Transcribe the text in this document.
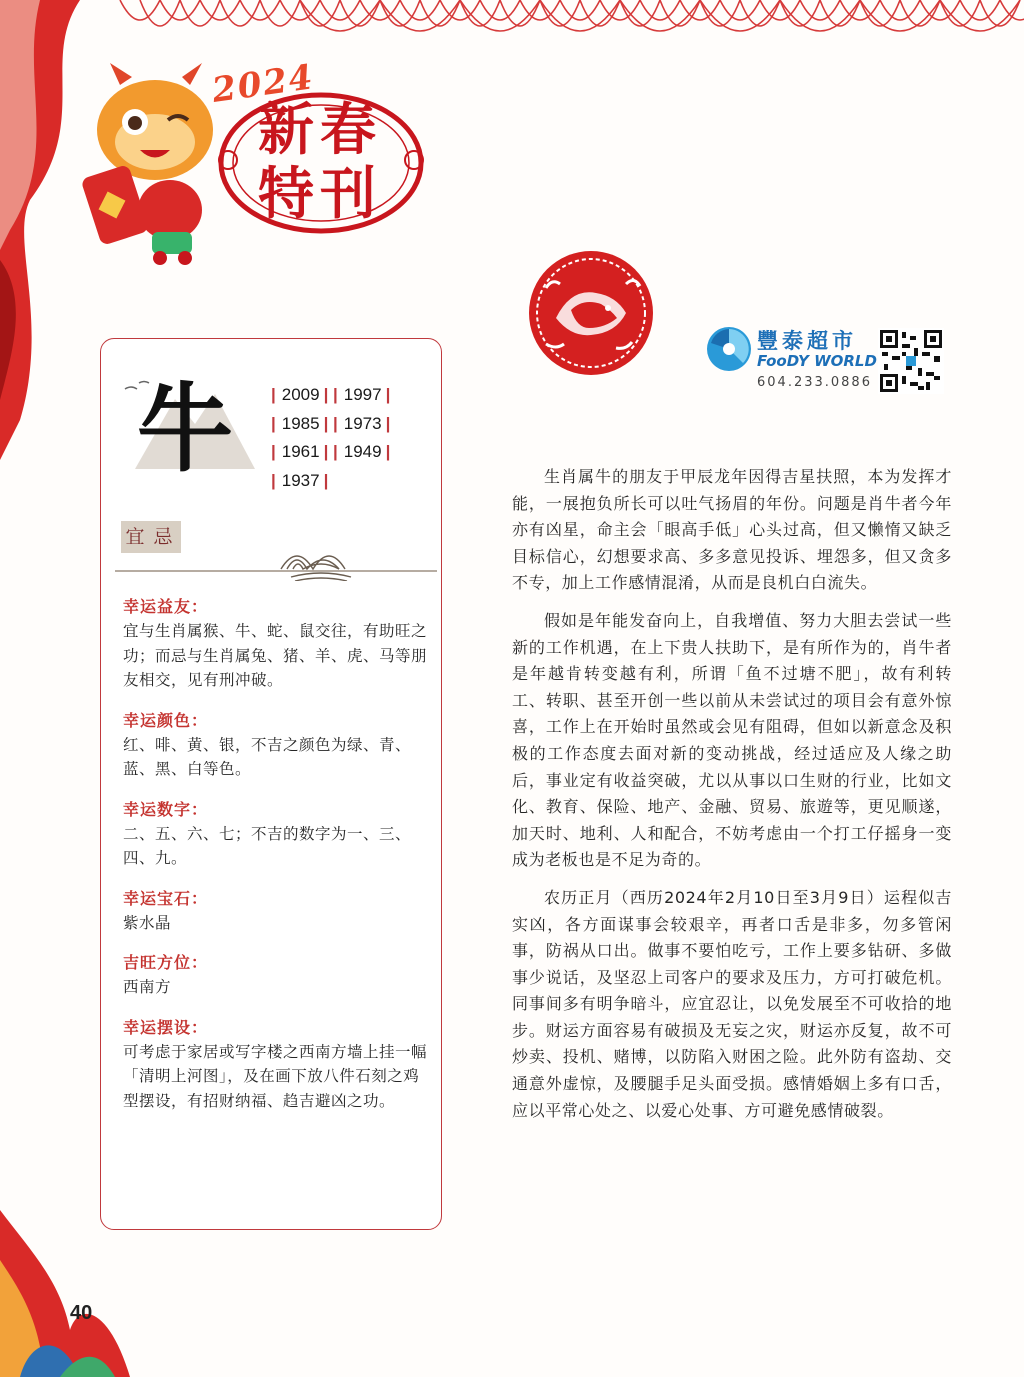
2024
新春特刊
豐泰超市
FooDY WORLD
604.233.0886
牛	| 2009 | | 1997 |
| 1985 | | 1973 |
| 1961 | | 1949 |
| 1937 |
宜 忌
幸运益友：
宜与生肖属猴、牛、蛇、鼠交往，有助旺之功；而忌与生肖属兔、猪、羊、虎、马等朋友相交，见有刑冲破。
幸运颜色：
红、啡、黄、银，不吉之颜色为绿、青、蓝、黑、白等色。
幸运数字：
二、五、六、七；不吉的数字为一、三、四、九。
幸运宝石：
紫水晶
吉旺方位：
西南方
幸运摆设：
可考虑于家居或写字楼之西南方墙上挂一幅「清明上河图」，及在画下放八件石刻之鸡型摆设，有招财纳福、趋吉避凶之功。

生肖属牛的朋友于甲辰龙年因得吉星扶照，本为发挥才能，一展抱负所长可以吐气扬眉的年份。问题是肖牛者今年亦有凶星，命主会「眼高手低」心头过高，但又懒惰又缺乏目标信心，幻想要求高、多多意见投诉、埋怨多，但又贪多不专，加上工作感情混淆，从而是良机白白流失。

假如是年能发奋向上，自我增值、努力大胆去尝试一些新的工作机遇，在上下贵人扶助下，是有所作为的，肖牛者是年越肯转变越有利，所谓「鱼不过塘不肥」，故有利转工、转职、甚至开创一些以前从未尝试过的项目会有意外惊喜，工作上在开始时虽然或会见有阻碍，但如以新意念及积极的工作态度去面对新的变动挑战，经过适应及人缘之助后，事业定有收益突破，尤以从事以口生财的行业，比如文化、教育、保险、地产、金融、贸易、旅遊等，更见顺遂，加天时、地利、人和配合，不妨考虑由一个打工仔摇身一变成为老板也是不足为奇的。

农历正月（西历2024年2月10日至3月9日）运程似吉实凶，各方面谋事会较艰辛，再者口舌是非多，勿多管闲事，防祸从口出。做事不要怕吃亏，工作上要多钻研、多做事少说话，及坚忍上司客户的要求及压力，方可打破危机。同事间多有明争暗斗，应宜忍让，以免发展至不可收拾的地步。财运方面容易有破损及无妄之灾，财运亦反复，故不可炒卖、投机、赌博，以防陷入财困之险。此外防有盗劫、交通意外虚惊，及腰腿手足头面受损。感情婚姻上多有口舌，应以平常心处之、以爱心处事、方可避免感情破裂。

40
